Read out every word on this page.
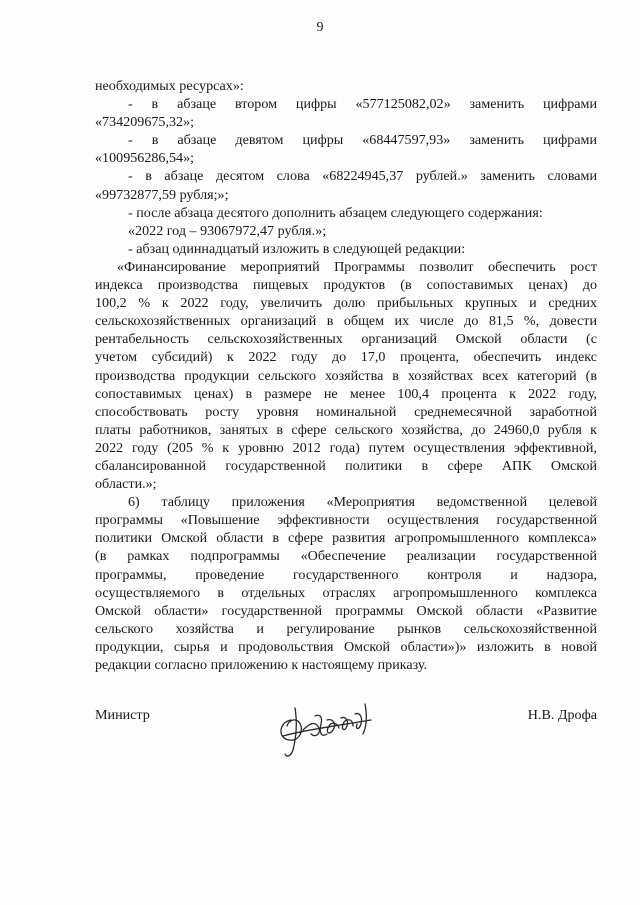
9
необходимых ресурсах»:
- в абзаце втором цифры «577125082,02» заменить цифрами
«734209675,32»;
- в абзаце девятом цифры «68447597,93» заменить цифрами
«100956286,54»;
- в абзаце десятом слова «68224945,37 рублей.» заменить словами
«99732877,59 рубля;»;
- после абзаца десятого дополнить абзацем следующего содержания:
«2022 год – 93067972,47 рубля.»;
- абзац одиннадцатый изложить в следующей редакции:
«Финансирование мероприятий Программы позволит обеспечить рост
индекса производства пищевых продуктов (в сопоставимых ценах) до
100,2 % к 2022 году, увеличить долю прибыльных крупных и средних
сельскохозяйственных организаций в общем их числе до 81,5 %, довести
рентабельность сельскохозяйственных организаций Омской области (с
учетом субсидий) к 2022 году до 17,0 процента, обеспечить индекс
производства продукции сельского хозяйства в хозяйствах всех категорий (в
сопоставимых ценах) в размере не менее 100,4 процента к 2022 году,
способствовать росту уровня номинальной среднемесячной заработной
платы работников, занятых в сфере сельского хозяйства, до 24960,0 рубля к
2022 году (205 % к уровню 2012 года) путем осуществления эффективной,
сбалансированной государственной политики в сфере АПК Омской
области.»;
6) таблицу приложения «Мероприятия ведомственной целевой
программы «Повышение эффективности осуществления государственной
политики Омской области в сфере развития агропромышленного комплекса»
(в рамках подпрограммы «Обеспечение реализации государственной
программы, проведение государственного контроля и надзора,
осуществляемого в отдельных отраслях агропромышленного комплекса
Омской области» государственной программы Омской области «Развитие
сельского хозяйства и регулирование рынков сельскохозяйственной
продукции, сырья и продовольствия Омской области»)» изложить в новой
редакции согласно приложению к настоящему приказу.
Министр	Н.В. Дрофа
